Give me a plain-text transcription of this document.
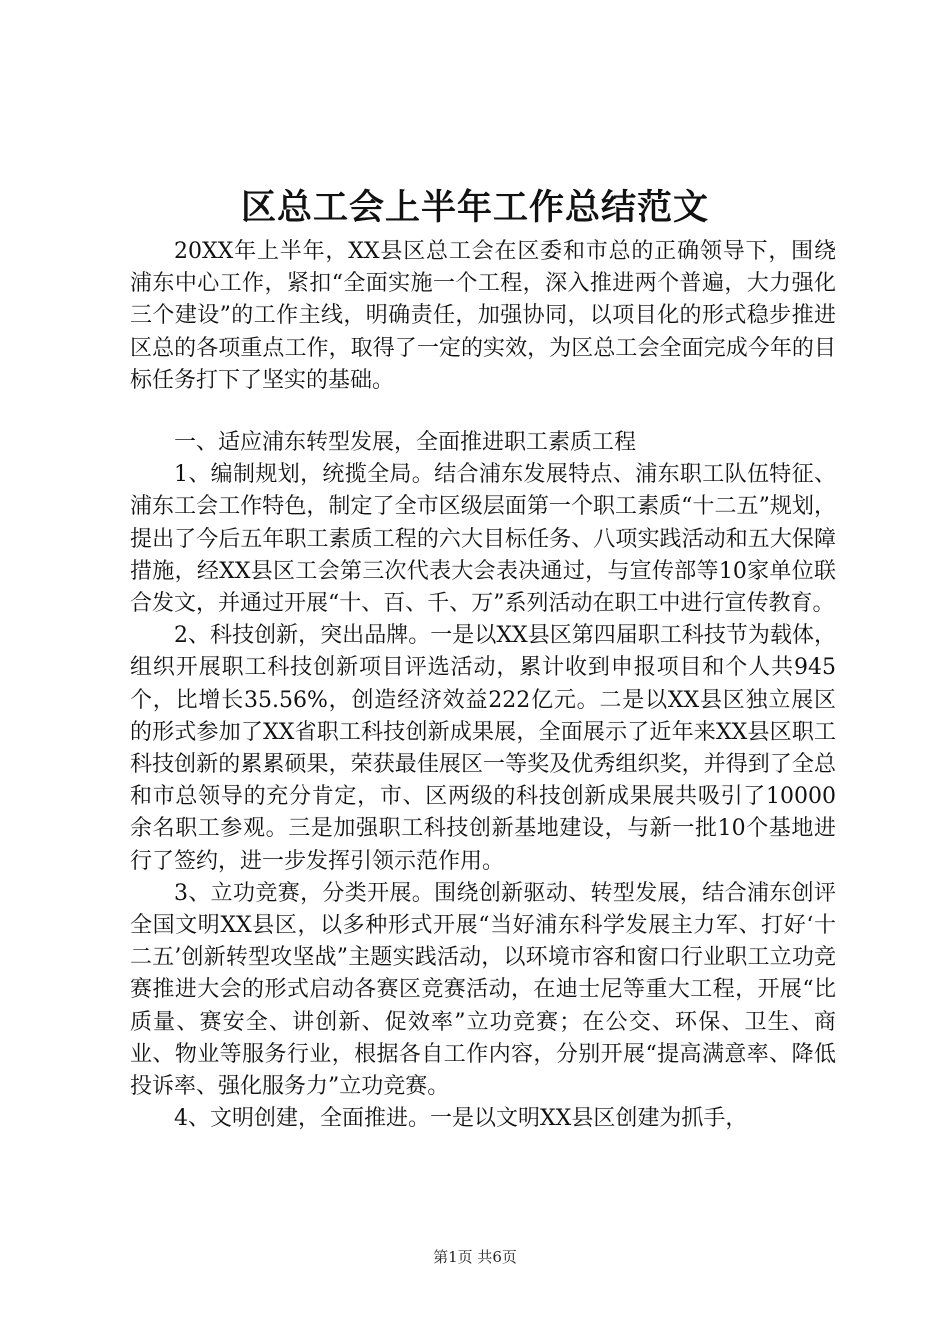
区总工会上半年工作总结范文

20XX年上半年，XX县区总工会在区委和市总的正确领导下，围绕浦东中心工作，紧扣“全面实施一个工程，深入推进两个普遍，大力强化三个建设”的工作主线，明确责任，加强协同，以项目化的形式稳步推进区总的各项重点工作，取得了一定的实效，为区总工会全面完成今年的目标任务打下了坚实的基础。

一、适应浦东转型发展，全面推进职工素质工程

1、编制规划，统揽全局。结合浦东发展特点、浦东职工队伍特征、浦东工会工作特色，制定了全市区级层面第一个职工素质“十二五”规划，提出了今后五年职工素质工程的六大目标任务、八项实践活动和五大保障措施，经XX县区工会第三次代表大会表决通过，与宣传部等10家单位联合发文，并通过开展“十、百、千、万”系列活动在职工中进行宣传教育。

2、科技创新，突出品牌。一是以XX县区第四届职工科技节为载体，组织开展职工科技创新项目评选活动，累计收到申报项目和个人共945个，比增长35.56%，创造经济效益222亿元。二是以XX县区独立展区的形式参加了XX省职工科技创新成果展，全面展示了近年来XX县区职工科技创新的累累硕果，荣获最佳展区一等奖及优秀组织奖，并得到了全总和市总领导的充分肯定，市、区两级的科技创新成果展共吸引了10000余名职工参观。三是加强职工科技创新基地建设，与新一批10个基地进行了签约，进一步发挥引领示范作用。

3、立功竞赛，分类开展。围绕创新驱动、转型发展，结合浦东创评全国文明XX县区，以多种形式开展“当好浦东科学发展主力军、打好‘十二五’创新转型攻坚战”主题实践活动，以环境市容和窗口行业职工立功竞赛推进大会的形式启动各赛区竞赛活动，在迪士尼等重大工程，开展“比质量、赛安全、讲创新、促效率”立功竞赛；在公交、环保、卫生、商业、物业等服务行业，根据各自工作内容，分别开展“提高满意率、降低投诉率、强化服务力”立功竞赛。

4、文明创建，全面推进。一是以文明XX县区创建为抓手，

第1页 共6页
